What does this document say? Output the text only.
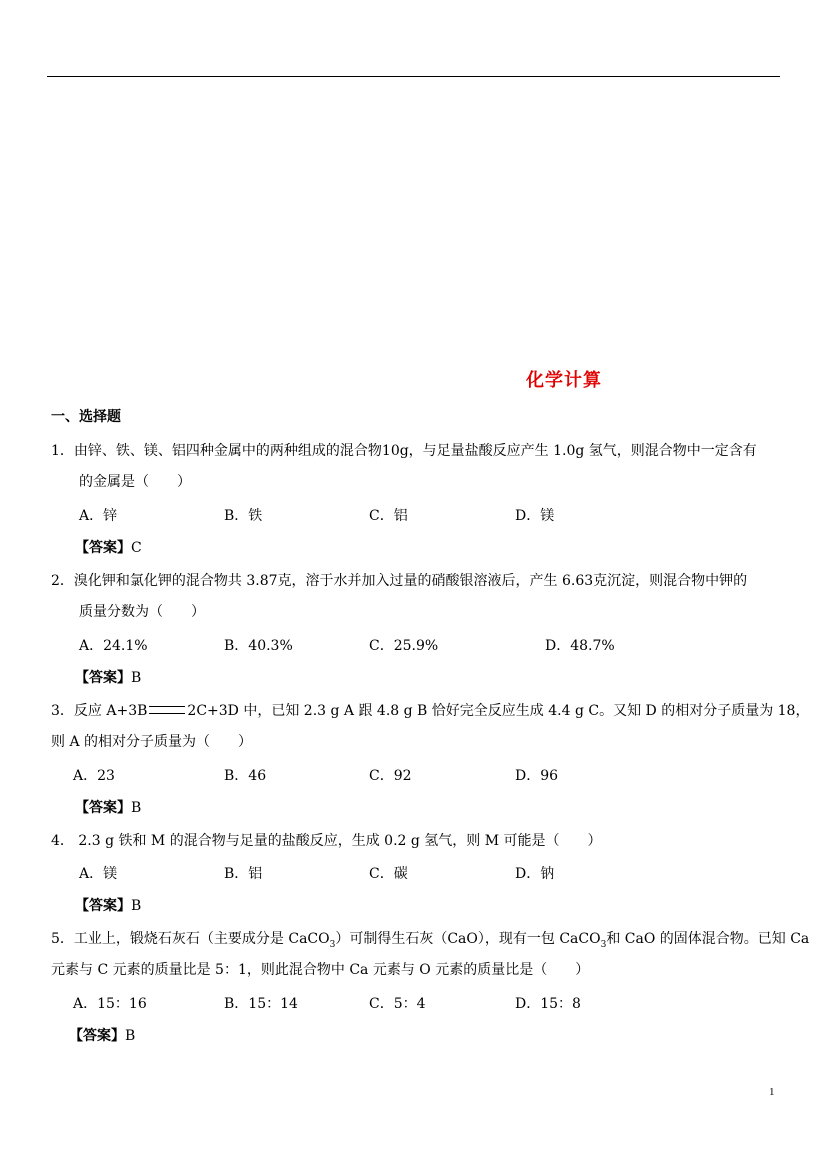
化学计算
一、选择题
1．由锌、铁、镁、铝四种金属中的两种组成的混合物10g，与足量盐酸反应产生 1.0g 氢气，则混合物中一定含有
的金属是（　　）
A．锌	B．铁	C．铝	D．镁
【答案】C
2．溴化钾和氯化钾的混合物共 3.87克，溶于水并加入过量的硝酸银溶液后，产生 6.63克沉淀，则混合物中钾的
质量分数为（　　）
A．24.1%	B．40.3%	C．25.9%	D．48.7%
【答案】B
3．反应 A+3B	2C+3D 中，已知 2.3 g A 跟 4.8 g B 恰好完全反应生成 4.4 g C。又知 D 的相对分子质量为 18，
则 A 的相对分子质量为（　　）
A．23	B．46	C．92	D．96
【答案】B
4． 2.3 g 铁和 M 的混合物与足量的盐酸反应，生成 0.2 g 氢气，则 M 可能是（　　）
A．镁	B．铝	C．碳	D．钠
【答案】B
5．工业上，锻烧石灰石（主要成分是 CaCO$_3$）可制得生石灰（CaO），现有一包 CaCO$_3$和 CaO 的固体混合物。已知 Ca
元素与 C 元素的质量比是 5：1，则此混合物中 Ca 元素与 O 元素的质量比是（　　）
A．15：16	B．15：14	C．5：4	D．15：8
【答案】B
1
